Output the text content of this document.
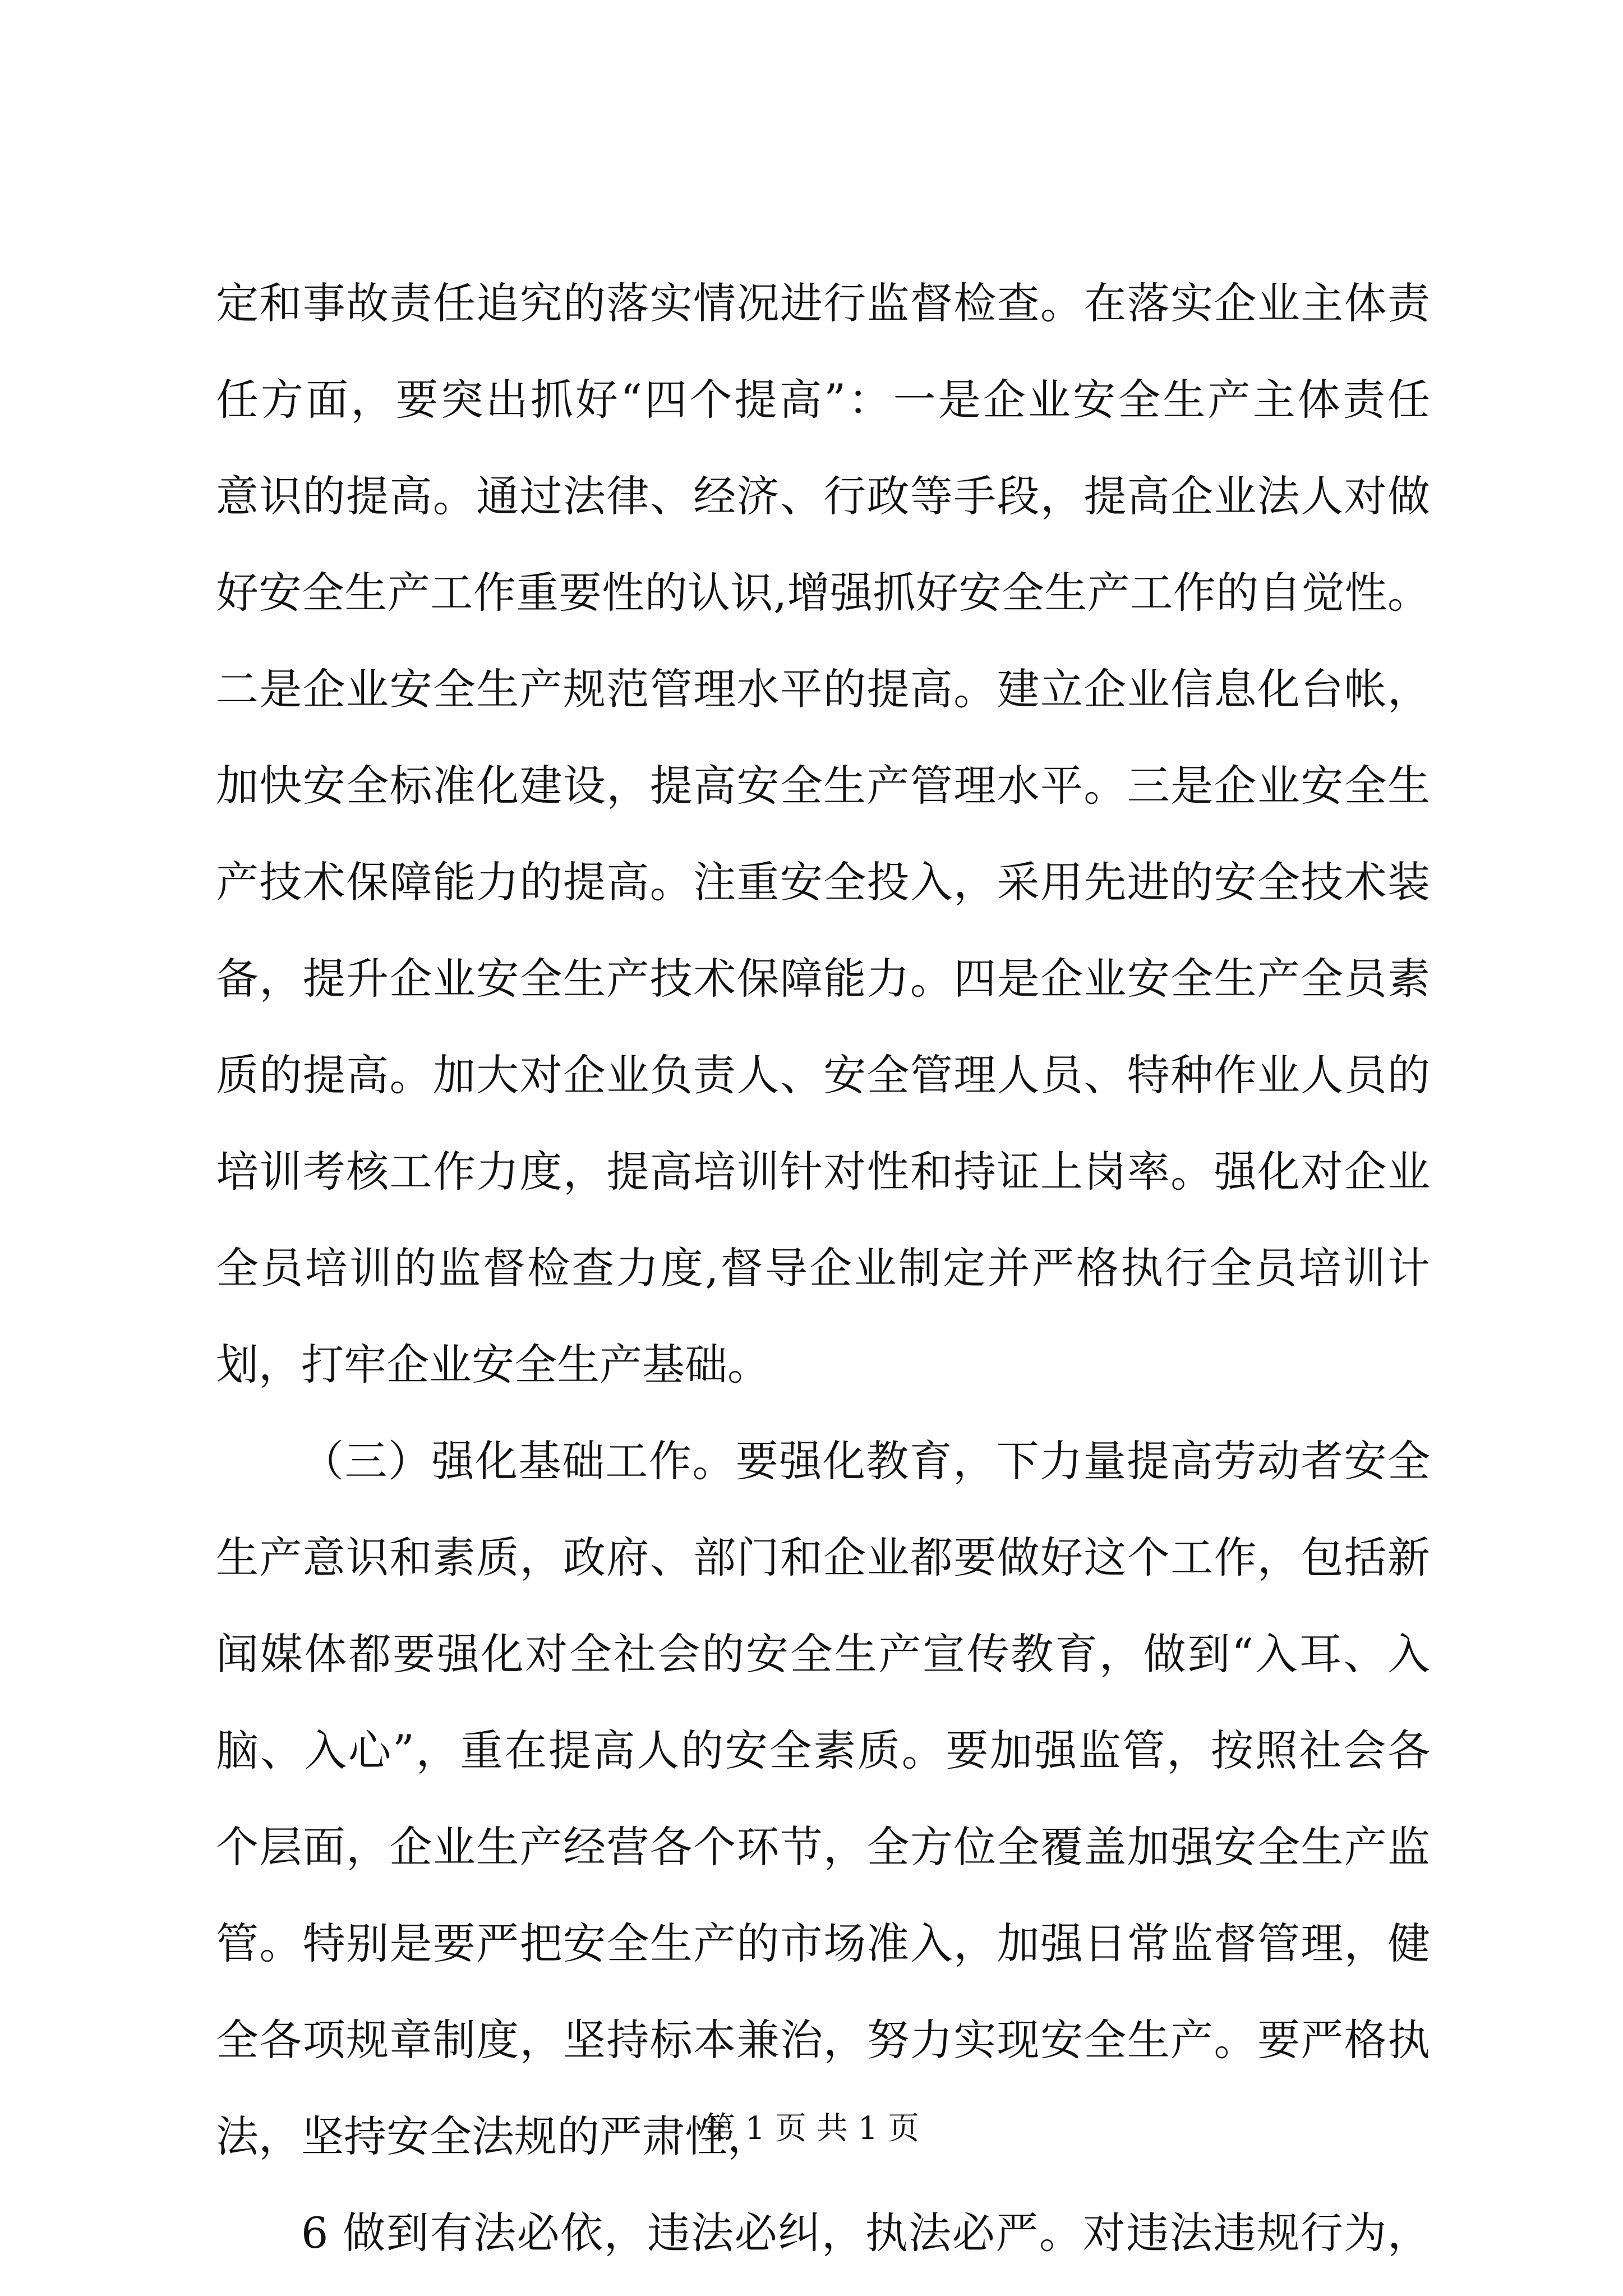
定和事故责任追究的落实情况进行监督检查。在落实企业主体责
任方面，要突出抓好“四个提高”：一是企业安全生产主体责任
意识的提高。通过法律、经济、行政等手段，提高企业法人对做
好安全生产工作重要性的认识,增强抓好安全生产工作的自觉性。
二是企业安全生产规范管理水平的提高。建立企业信息化台帐，
加快安全标准化建设，提高安全生产管理水平。三是企业安全生
产技术保障能力的提高。注重安全投入，采用先进的安全技术装
备，提升企业安全生产技术保障能力。四是企业安全生产全员素
质的提高。加大对企业负责人、安全管理人员、特种作业人员的
培训考核工作力度，提高培训针对性和持证上岗率。强化对企业
全员培训的监督检查力度,督导企业制定并严格执行全员培训计
划，打牢企业安全生产基础。
（三）强化基础工作。要强化教育，下力量提高劳动者安全
生产意识和素质，政府、部门和企业都要做好这个工作，包括新
闻媒体都要强化对全社会的安全生产宣传教育，做到“入耳、入
脑、入心”，重在提高人的安全素质。要加强监管，按照社会各
个层面，企业生产经营各个环节，全方位全覆盖加强安全生产监
管。特别是要严把安全生产的市场准入，加强日常监督管理，健
全各项规章制度，坚持标本兼治，努力实现安全生产。要严格执
法，坚持安全法规的严肃性，
6 做到有法必依，违法必纠，执法必严。对违法违规行为，
第 1 页 共 1 页
